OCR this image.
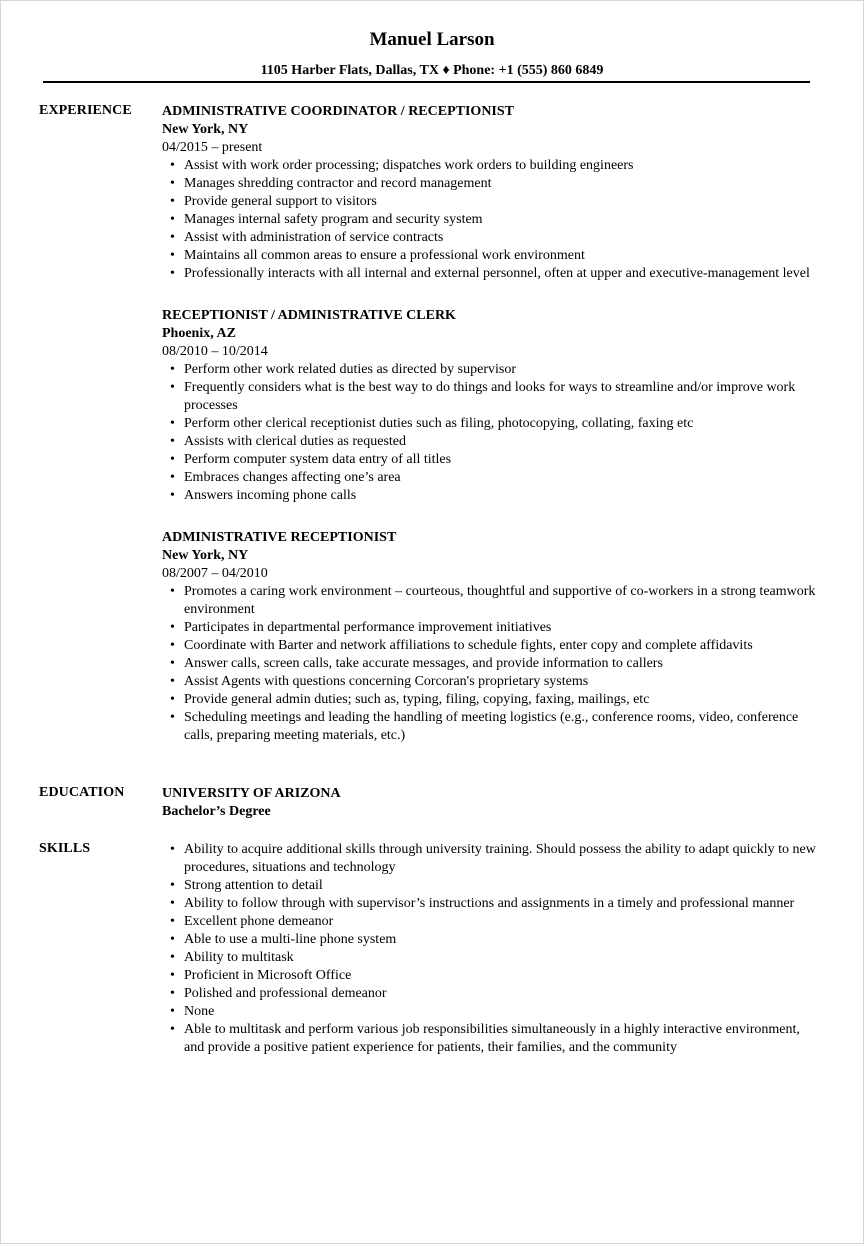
Manuel Larson
1105 Harber Flats, Dallas, TX ♦ Phone: +1 (555) 860 6849
EXPERIENCE ADMINISTRATIVE COORDINATOR / RECEPTIONIST
New York, NY
04/2015 – present
• Assist with work order processing; dispatches work orders to building engineers
• Manages shredding contractor and record management
• Provide general support to visitors
• Manages internal safety program and security system
• Assist with administration of service contracts
• Maintains all common areas to ensure a professional work environment
• Professionally interacts with all internal and external personnel, often at upper and executive-management level
RECEPTIONIST / ADMINISTRATIVE CLERK
Phoenix, AZ
08/2010 – 10/2014
• Perform other work related duties as directed by supervisor
• Frequently considers what is the best way to do things and looks for ways to streamline and/or improve work processes
• Perform other clerical receptionist duties such as filing, photocopying, collating, faxing etc
• Assists with clerical duties as requested
• Perform computer system data entry of all titles
• Embraces changes affecting one’s area
• Answers incoming phone calls
ADMINISTRATIVE RECEPTIONIST
New York, NY
08/2007 – 04/2010
• Promotes a caring work environment – courteous, thoughtful and supportive of co-workers in a strong teamwork environment
• Participates in departmental performance improvement initiatives
• Coordinate with Barter and network affiliations to schedule fights, enter copy and complete affidavits
• Answer calls, screen calls, take accurate messages, and provide information to callers
• Assist Agents with questions concerning Corcoran's proprietary systems
• Provide general admin duties; such as, typing, filing, copying, faxing, mailings, etc
• Scheduling meetings and leading the handling of meeting logistics (e.g., conference rooms, video, conference calls, preparing meeting materials, etc.)
EDUCATION	UNIVERSITY OF ARIZONA
Bachelor’s Degree
SKILLS
•	Ability to acquire additional skills through university training. Should possess the ability to adapt quickly to new procedures, situations and technology
• Strong attention to detail
• Ability to follow through with supervisor’s instructions and assignments in a timely and professional manner
• Excellent phone demeanor
• Able to use a multi-line phone system
• Ability to multitask
• Proficient in Microsoft Office
• Polished and professional demeanor
• None
• Able to multitask and perform various job responsibilities simultaneously in a highly interactive environment, and provide a positive patient experience for patients, their families, and the community
